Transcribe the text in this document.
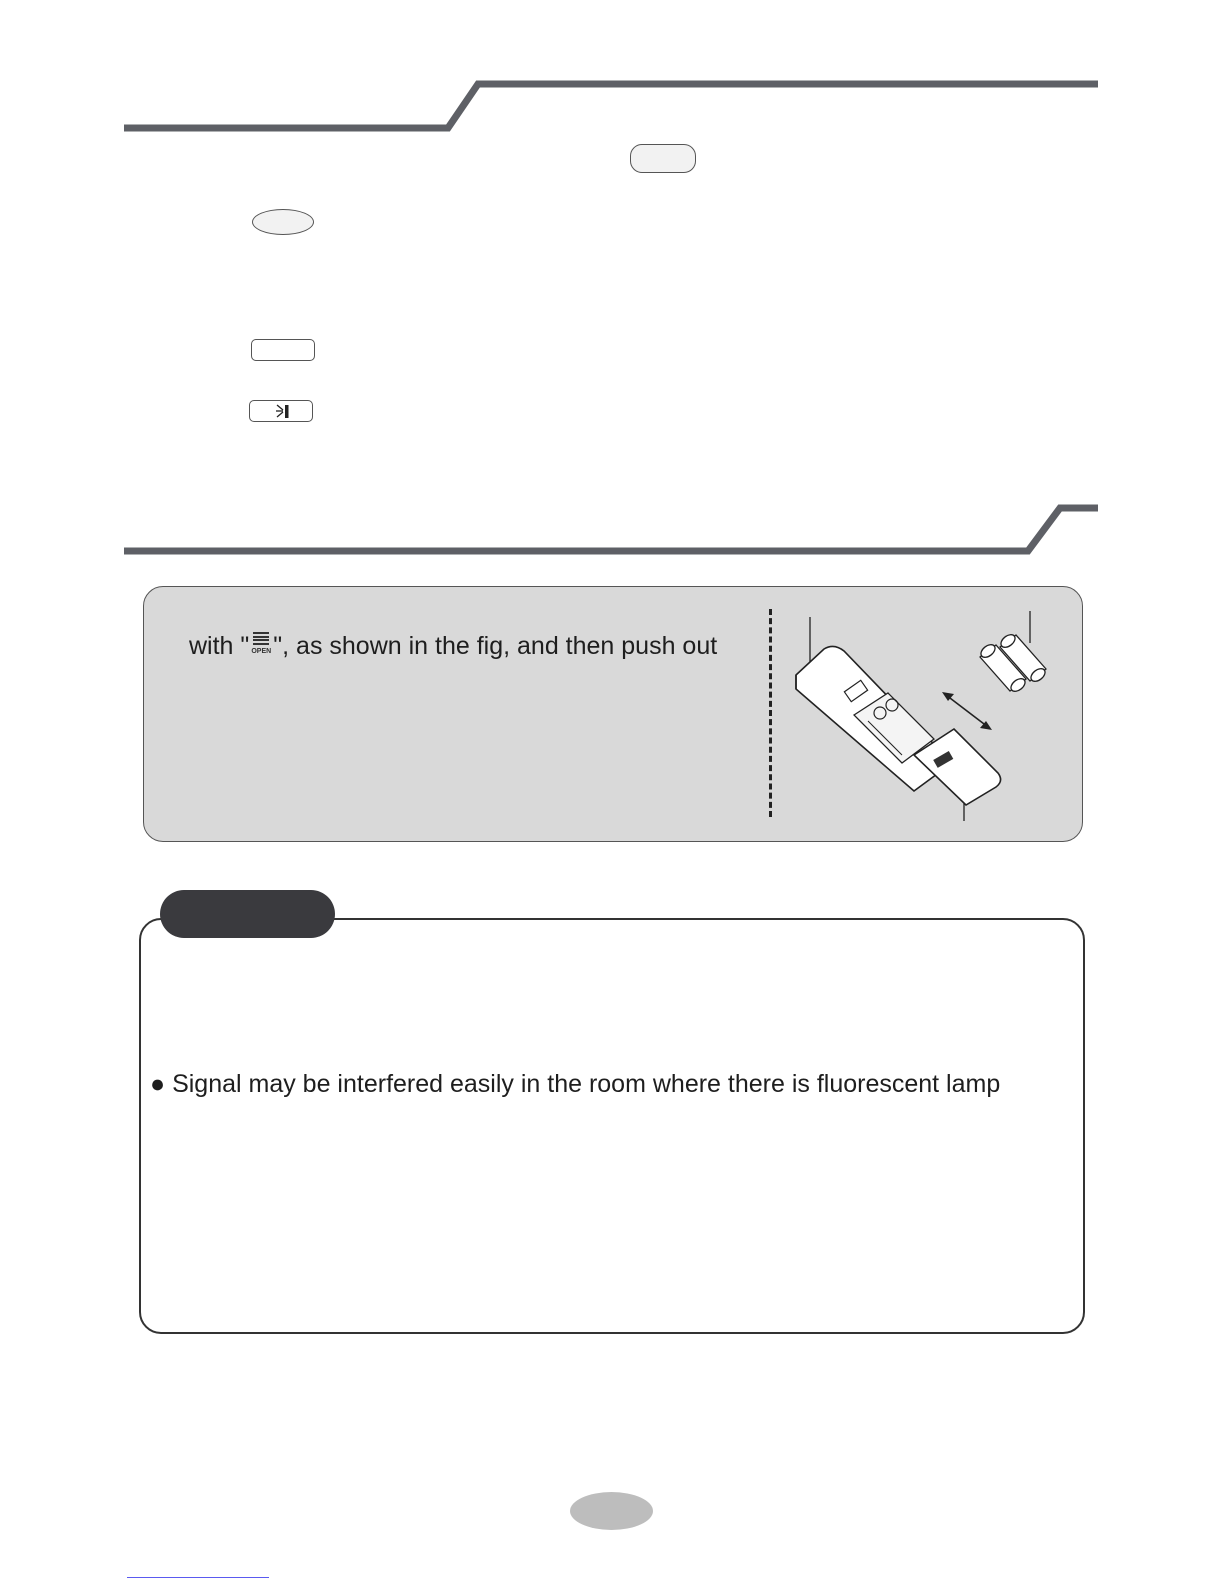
with " OPEN ", as shown in the fig, and then push out
● Signal may be interfered easily in the room where there is fluorescent lamp
